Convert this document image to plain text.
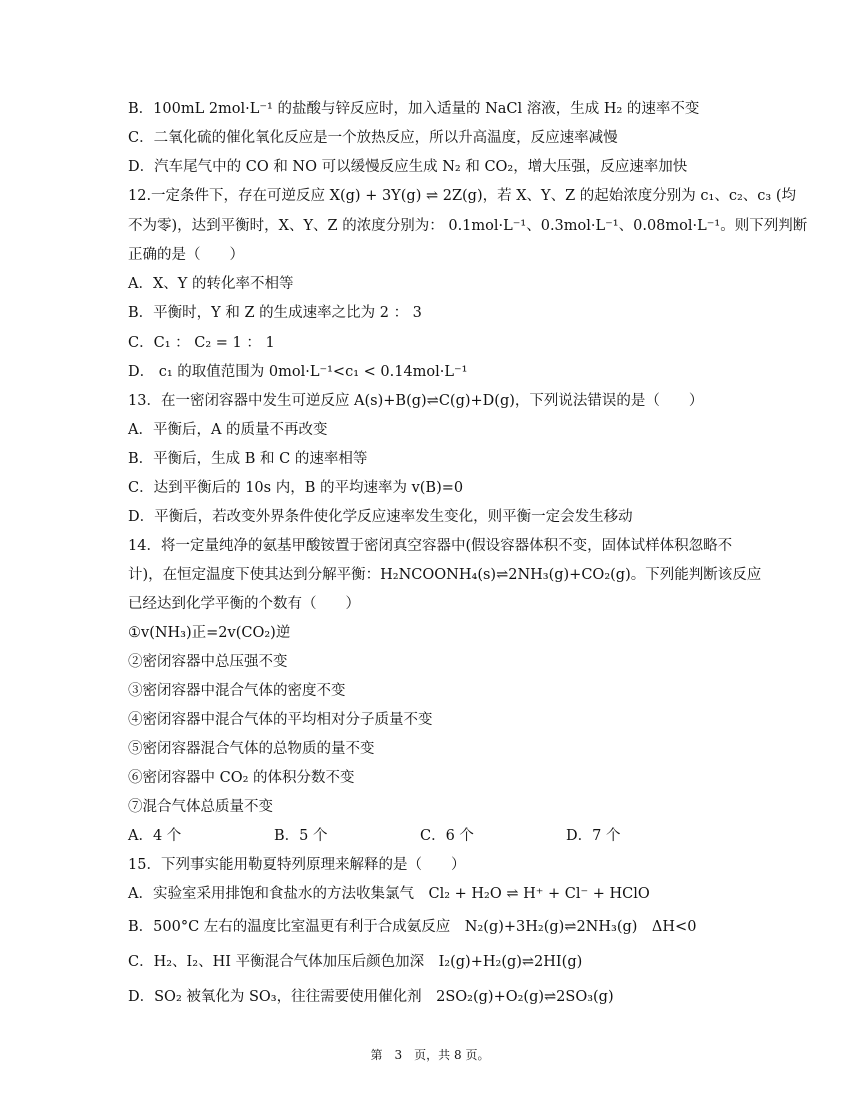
B．100mL 2mol·L⁻¹ 的盐酸与锌反应时，加入适量的 NaCl 溶液，生成 H₂ 的速率不变
C．二氧化硫的催化氧化反应是一个放热反应，所以升高温度，反应速率减慢
D．汽车尾气中的 CO 和 NO 可以缓慢反应生成 N₂ 和 CO₂，增大压强，反应速率加快
12.一定条件下，存在可逆反应 X(g) + 3Y(g) ⇌ 2Z(g)，若 X、Y、Z 的起始浓度分别为 c₁、c₂、c₃ (均
不为零)，达到平衡时，X、Y、Z 的浓度分别为： 0.1mol·L⁻¹、0.3mol·L⁻¹、0.08mol·L⁻¹。则下列判断
正确的是（　　）
A．X、Y 的转化率不相等
B．平衡时，Y 和 Z 的生成速率之比为 2 ： 3
C．C₁ ： C₂ = 1 ： 1
D． c₁ 的取值范围为 0mol·L⁻¹<c₁ < 0.14mol·L⁻¹
13．在一密闭容器中发生可逆反应 A(s)+B(g)⇌C(g)+D(g)，下列说法错误的是（　　）
A．平衡后，A 的质量不再改变
B．平衡后，生成 B 和 C 的速率相等
C．达到平衡后的 10s 内，B 的平均速率为 v(B)=0
D．平衡后，若改变外界条件使化学反应速率发生变化，则平衡一定会发生移动
14．将一定量纯净的氨基甲酸铵置于密闭真空容器中(假设容器体积不变，固体试样体积忽略不
计)，在恒定温度下使其达到分解平衡：H₂NCOONH₄(s)⇌2NH₃(g)+CO₂(g)。下列能判断该反应
已经达到化学平衡的个数有（　　）
①v(NH₃)正=2v(CO₂)逆
②密闭容器中总压强不变
③密闭容器中混合气体的密度不变
④密闭容器中混合气体的平均相对分子质量不变
⑤密闭容器混合气体的总物质的量不变
⑥密闭容器中 CO₂ 的体积分数不变
⑦混合气体总质量不变
A．4 个	B．5 个	C．6 个	D．7 个
15．下列事实能用勒夏特列原理来解释的是（　　）
A．实验室采用排饱和食盐水的方法收集氯气　Cl₂ + H₂O ⇌ H⁺ + Cl⁻ + HClO
B．500°C 左右的温度比室温更有利于合成氨反应　N₂(g)+3H₂(g)⇌2NH₃(g)　ΔH<0
C．H₂、I₂、HI 平衡混合气体加压后颜色加深　I₂(g)+H₂(g)⇌2HI(g)
D．SO₂ 被氧化为 SO₃，往往需要使用催化剂　2SO₂(g)+O₂(g)⇌2SO₃(g)
第　3　页，共 8 页。
